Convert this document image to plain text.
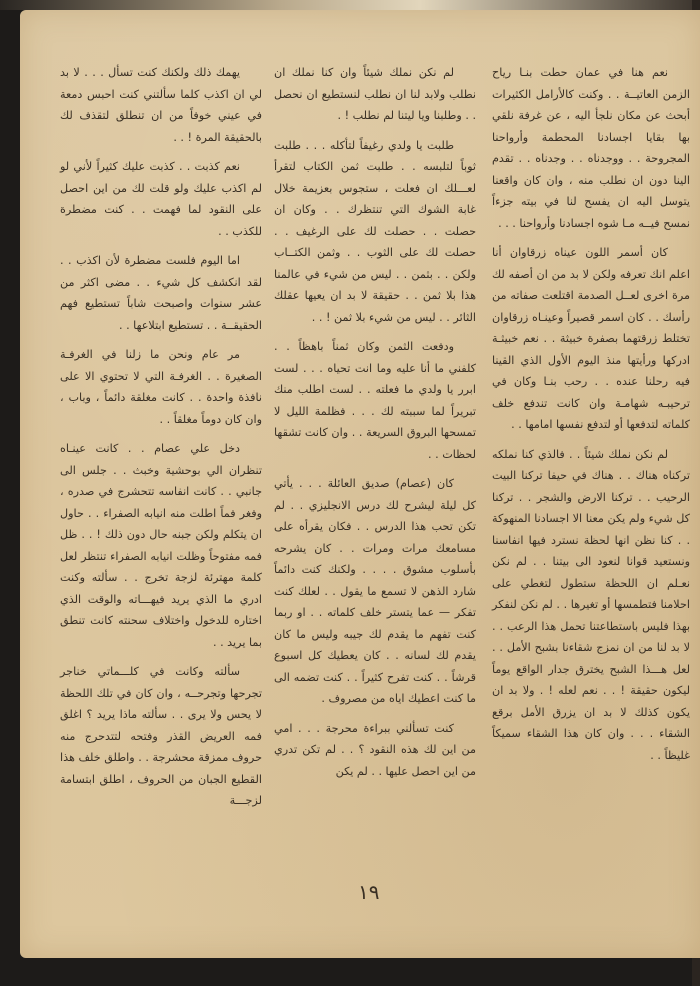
نعم هنا في عمان حطت بنـا رياح الزمن العاتيــة . . وكنت كالأرامل الكثيرات أبحث عن مكان نلجأ اليه ، عن غرفة نلقي بها بقايا اجسادنا المحطمة وأرواحنا المجروحة . . ووجدناه . . وجدناه . . تقدم الينا دون ان نطلب منه ، وان كان واقعنا يتوسل اليه ان يفسح لنا في بيته جزءاً نمسح فيــه مـا شوه اجسادنا وأرواحنا . . .

كان أسمر اللون عيناه زرقاوان أنا اعلم انك تعرفه ولكن لا بد من ان أصفه لك مرة اخرى لعــل الصدمة اقتلعت صفاته من رأسك . . كان اسمر قصيراً وعينـاه زرقاوان تختلط زرقتهما بصفرة خبيثة . . نعم خبيثـة ادركها ورأيتها منذ اليوم الأول الذي القينا فيه رحلنا عنده . . رحب بنـا وكان في ترحيبـه شهامـة وان كانت تندفع خلف كلماته لتدفعها أو لتدفع نفسها امامها . .

لم نكن نملك شيئاً . . فالذي كنا نملكه تركناه هناك . . هناك في حيفا تركنا البيت الرحيب . . تركنا الارض والشجر . . تركنا كل شيء ولم يكن معنا الا اجسادنا المنهوكة . . كنا نظن انها لحظة نسترد فيها انفاسنا ونستعيد قوانا لنعود الى بيتنا . . لم نكن نعـلم ان اللحظة ستطول لتغطي على احلامنا فتطمسها أو تغيرها . . لم نكن لنفكر بهذا فليس باستطاعتنا تحمل هذا الرعب . . لا بد لنا من ان نمزج شقاءنا بشبح الأمل . . لعل هـــذا الشبح يخترق جدار الواقع يوماً ليكون حقيقة ! . . نعم لعله ! . ولا بد ان يكون كذلك لا بد ان يزرق الأمل برقع الشقاء . . . وان كان هذا الشقاء سميكاً غليظاً . .

لم نكن نملك شيئاً وان كنا نملك ان نطلب ولابد لنا ان نطلب لنستطيع ان نحصل . . وطلبنا ويا ليتنا لم نطلب ! .

طلبت يا ولدي رغيفاً لتأكله . . . طلبت ثوباً لتلبسه . . طلبت ثمن الكتاب لتقرأ لعـــلك ان فعلت ، ستجوس بعزيمة خلال غابة الشوك التي تنتظرك . . وكان ان حصلت . . حصلت لك على الرغيف . . حصلت لك على الثوب . . وثمن الكتــاب ولكن . . بثمن . . ليس من شيء في عالمنا هذا بلا ثمن . . حقيقة لا بد ان يعيها عقلك الثائر . . ليس من شيء بلا ثمن ! . .

ودفعت الثمن وكان ثمناً باهظاً . . كلفني ما أنا عليه وما انت تحياه . . . لست ابرر يا ولدي ما فعلته . . لست اطلب منك تبريراً لما سببته لك . . . فظلمة الليل لا تمسحها البروق السريعة . . وان كانت تشقها لحظات . .

كان (عصام) صديق العائلة . . . يأتي كل ليلة ليشرح لك درس الانجليزي . . لم تكن تحب هذا الدرس . . فكان يقرأه على مسامعك مرات ومرات . . كان يشرحه بأسلوب مشوق . . . . ولكنك كنت دائماً شارد الذهن لا تسمع ما يقول . . لعلك كنت تفكر — عما يتستر خلف كلماته . . او ربما كنت تفهم ما يقدم لك جيبه وليس ما كان يقدم لك لسانه . . كان يعطيك كل اسبوع قرشاً . . كنت تفرح كثيراً . . كنت تضمه الى ما كنت اعطيك اياه من مصروف .

كنت تسألني ببراءة محرجة . . . امي من اين لك هذه النقود ؟ . . لم تكن تدري من اين احصل عليها . . لم يكن

يهمك ذلك ولكنك كنت تسأل . . . لا بد لي ان اكذب كلما سألتني كنت احبس دمعة في عيني خوفاً من ان تنطلق لتقذف لك بالحقيقة المرة ! . .

نعم كذبت . . كذبت عليك كثيراً لأني لو لم اكذب عليك ولو قلت لك من اين احصل على النقود لما فهمت . . كنت مضطرة للكذب . .

اما اليوم فلست مضطرة لأن اكذب . . لقد انكشف كل شيء . . مضى اكثر من عشر سنوات واصبحت شاباً تستطيع فهم الحقيقــة . . تستطيع ابتلاعها . .

مر عام ونحن ما زلنا في الغرفـة الصغيرة . . الغرفـة التي لا تحتوي الا على نافذة واحدة . . كانت مغلقة دائماً ، وباب ، وان كان دوماً مغلقاً . .

دخل علي عصام . . كانت عينـاه تنظران الي بوحشية وخبث . . جلس الى جانبي . . كانت انفاسه تتحشرج في صدره ، وفغر فماً اطلت منه انيابه الصفراء . . حاول ان يتكلم ولكن جبنه حال دون ذلك ! . . ظل فمه مفتوحاً وظلت انيابه الصفراء تنتظر لعل كلمة مهترئة لزجة تخرج . . سألته وكنت ادري ما الذي يريد فيهـــاته والوقت الذي اختاره للدخول واختلاف سحنته كانت تنطق بما يريد . .

سألته وكانت في كلـــماتي خناجر تجرحها وتجرحــه ، وان كان في تلك اللحظة لا يحس ولا يرى . . سألته ماذا يريد ؟ اغلق فمه العريض القذر وفتحه لتتدحرج منه حروف ممزقة محشرجة . . واطلق خلف هذا القطيع الجبان من الحروف ، اطلق ابتسامة لزجـــة

١٩
